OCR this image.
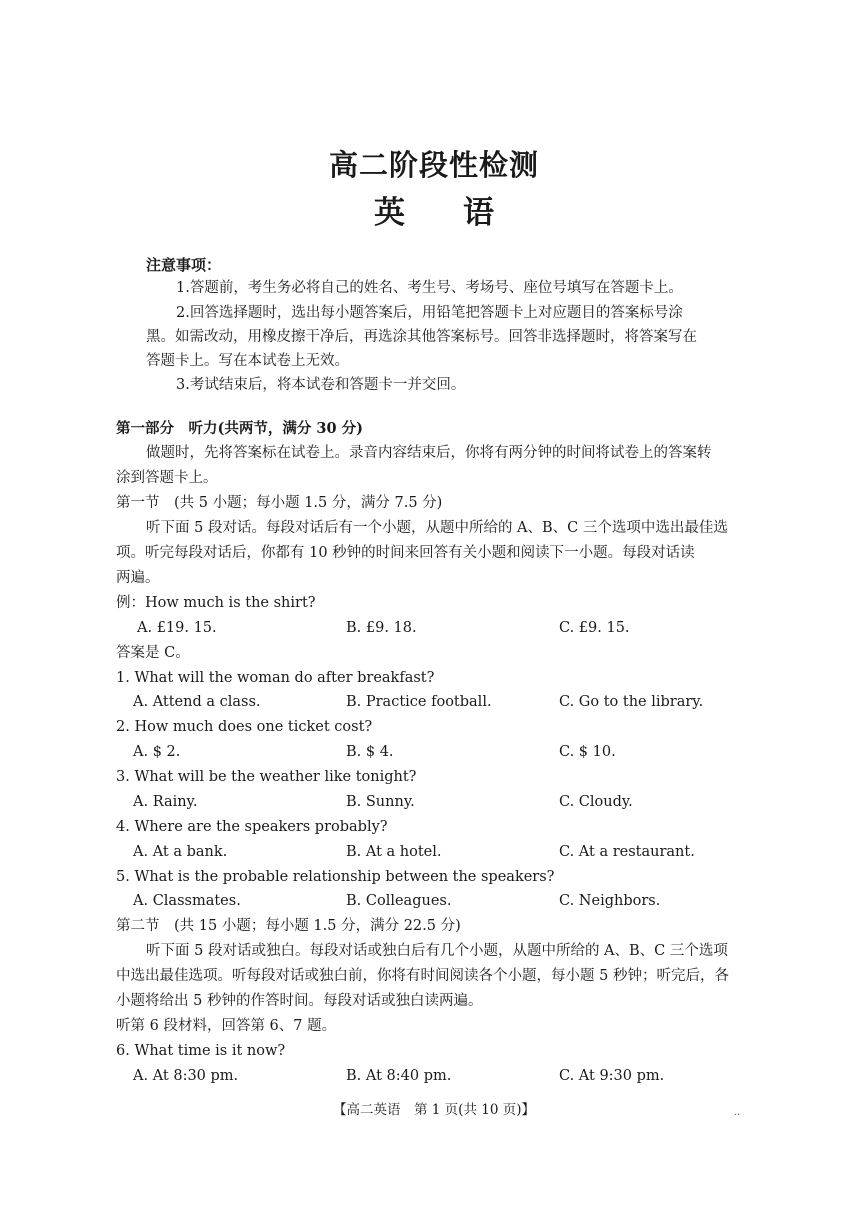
高二阶段性检测
英 语
注意事项：
1.答题前，考生务必将自己的姓名、考生号、考场号、座位号填写在答题卡上。
2.回答选择题时，选出每小题答案后，用铅笔把答题卡上对应题目的答案标号涂
黑。如需改动，用橡皮擦干净后，再选涂其他答案标号。回答非选择题时，将答案写在
答题卡上。写在本试卷上无效。
3.考试结束后，将本试卷和答题卡一并交回。
第一部分　听力(共两节，满分 30 分)
做题时，先将答案标在试卷上。录音内容结束后，你将有两分钟的时间将试卷上的答案转
涂到答题卡上。
第一节　(共 5 小题；每小题 1.5 分，满分 7.5 分)
听下面 5 段对话。每段对话后有一个小题，从题中所给的 A、B、C 三个选项中选出最佳选
项。听完每段对话后，你都有 10 秒钟的时间来回答有关小题和阅读下一小题。每段对话读
两遍。
例：How much is the shirt?
A. £19. 15.	B. £9. 18.	C. £9. 15.
答案是 C。
1. What will the woman do after breakfast?
A. Attend a class.	B. Practice football.	C. Go to the library.
2. How much does one ticket cost?
A. $ 2.	B. $ 4.	C. $ 10.
3. What will be the weather like tonight?
A. Rainy.	B. Sunny.	C. Cloudy.
4. Where are the speakers probably?
A. At a bank.	B. At a hotel.	C. At a restaurant.
5. What is the probable relationship between the speakers?
A. Classmates.	B. Colleagues.	C. Neighbors.
第二节　(共 15 小题；每小题 1.5 分，满分 22.5 分)
听下面 5 段对话或独白。每段对话或独白后有几个小题，从题中所给的 A、B、C 三个选项
中选出最佳选项。听每段对话或独白前，你将有时间阅读各个小题，每小题 5 秒钟；听完后，各
小题将给出 5 秒钟的作答时间。每段对话或独白读两遍。
听第 6 段材料，回答第 6、7 题。
6. What time is it now?
A. At 8:30 pm.	B. At 8:40 pm.	C. At 9:30 pm.
【高二英语　第 1 页(共 10 页)】	··
